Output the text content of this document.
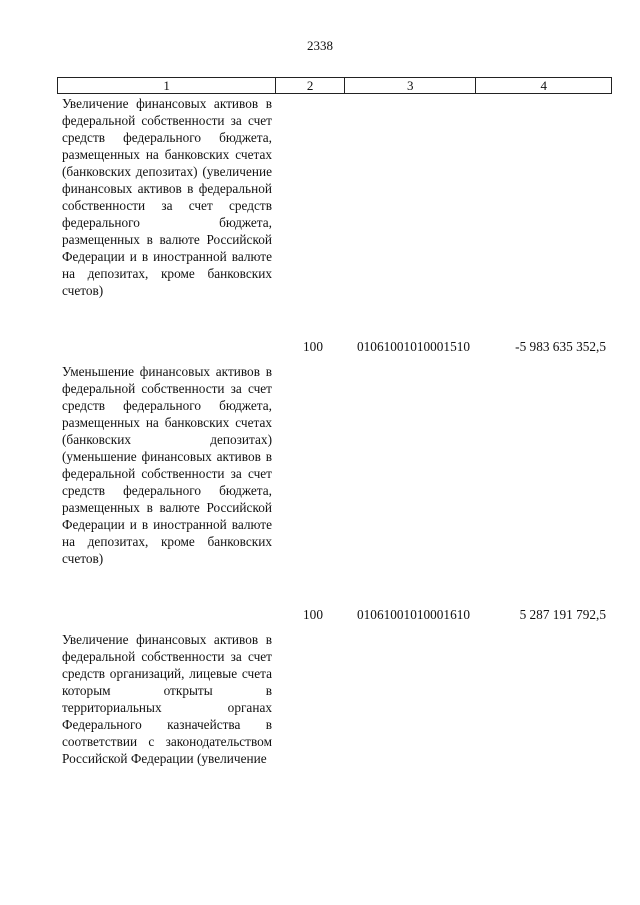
2338
1	2	3	4
Увеличение финансовых активов в федеральной собственности за счет средств федерального бюджета, размещенных на банковских счетах (банковских депозитах) (увеличение финансовых активов в федеральной собственности за счет средств федерального бюджета, размещенных в валюте Российской Федерации и в иностранной валюте на депозитах, кроме банковских счетов)
100	01061001010001510	-5 983 635 352,5
Уменьшение финансовых активов в федеральной собственности за счет средств федерального бюджета, размещенных на банковских счетах (банковских депозитах) (уменьшение финансовых активов в федеральной собственности за счет средств федерального бюджета, размещенных в валюте Российской Федерации и в иностранной валюте на депозитах, кроме банковских счетов)
100	01061001010001610	5 287 191 792,5
Увеличение финансовых активов в федеральной собственности за счет средств организаций, лицевые счета которым открыты в территориальных органах Федерального казначейства в соответствии с законодательством Российской Федерации (увеличение
